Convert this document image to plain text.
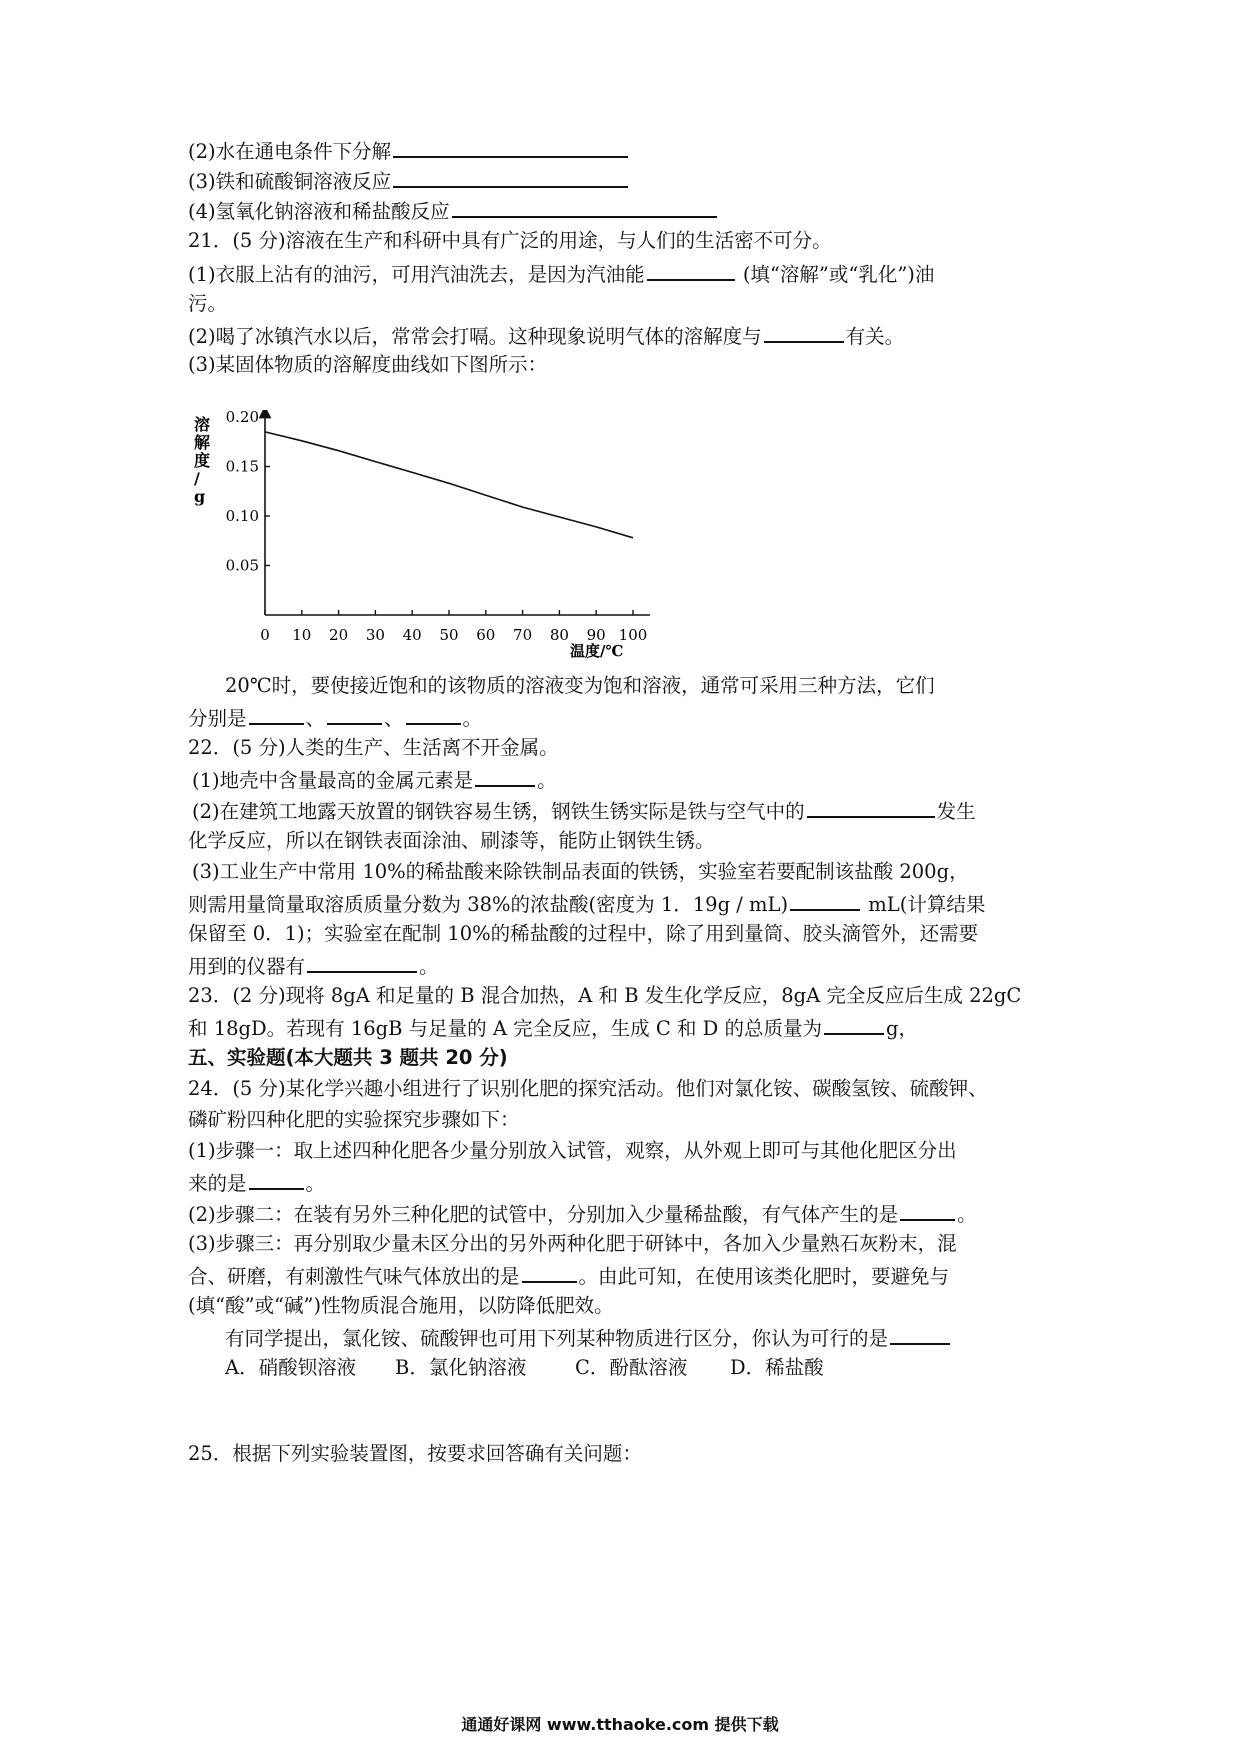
(2)水在通电条件下分解
(3)铁和硫酸铜溶液反应
(4)氢氧化钠溶液和稀盐酸反应
21．(5 分)溶液在生产和科研中具有广泛的用途，与人们的生活密不可分。
(1)衣服上沾有的油污，可用汽油洗去，是因为汽油能	(填“溶解”或“乳化”)油
污。
(2)喝了冰镇汽水以后，常常会打嗝。这种现象说明气体的溶解度与	有关。
(3)某固体物质的溶解度曲线如下图所示：
溶
解
度
/
g
0.05
0.10
0.15
0.20
0 10 20 30 40 50 60 70 80 90 100
温度/℃
20℃时，要使接近饱和的该物质的溶液变为饱和溶液，通常可采用三种方法，它们
分别是	、	、	。
22．(5 分)人类的生产、生活离不开金属。
(1)地壳中含量最高的金属元素是	。
(2)在建筑工地露天放置的钢铁容易生锈，钢铁生锈实际是铁与空气中的	发生
化学反应，所以在钢铁表面涂油、刷漆等，能防止钢铁生锈。
(3)工业生产中常用 10%的稀盐酸来除铁制品表面的铁锈，实验室若要配制该盐酸 200g，
则需用量筒量取溶质质量分数为 38%的浓盐酸(密度为 1．19g / mL)	mL(计算结果
保留至 0．1)；实验室在配制 10%的稀盐酸的过程中，除了用到量筒、胶头滴管外，还需要
用到的仪器有	。
23．(2 分)现将 8gA 和足量的 B 混合加热，A 和 B 发生化学反应，8gA 完全反应后生成 22gC
和 18gD。若现有 16gB 与足量的 A 完全反应，生成 C 和 D 的总质量为	g，
五、实验题(本大题共 3 题共 20 分)
24．(5 分)某化学兴趣小组进行了识别化肥的探究活动。他们对氯化铵、碳酸氢铵、硫酸钾、
磷矿粉四种化肥的实验探究步骤如下：
(1)步骤一：取上述四种化肥各少量分别放入试管，观察，从外观上即可与其他化肥区分出
来的是	。
(2)步骤二：在装有另外三种化肥的试管中，分别加入少量稀盐酸，有气体产生的是	。
(3)步骤三：再分别取少量未区分出的另外两种化肥于研钵中，各加入少量熟石灰粉末，混
合、研磨，有刺激性气味气体放出的是	。由此可知，在使用该类化肥时，要避免与
(填“酸”或“碱”)性物质混合施用，以防降低肥效。
有同学提出，氯化铵、硫酸钾也可用下列某种物质进行区分，你认为可行的是
A．硝酸钡溶液 B．氯化钠溶液 C．酚酞溶液 D．稀盐酸
25．根据下列实验装置图，按要求回答确有关问题：
通通好课网 www.tthaoke.com 提供下载
